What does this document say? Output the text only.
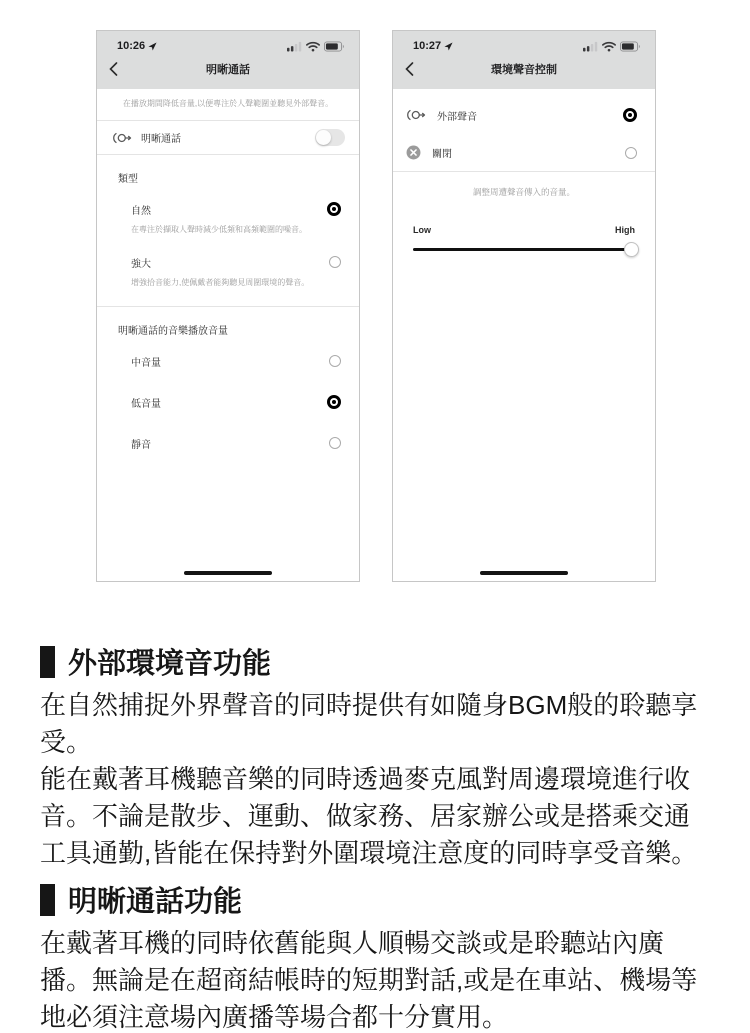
10:26
明晰通話
在播放期間降低音量,以便專注於人聲範圍並聽見外部聲音。
明晰通話
類型
自然
在專注於擷取人聲時減少低頻和高頻範圍的噪音。
強大
增強拾音能力,使佩戴者能夠聽見周圍環境的聲音。
明晰通話的音樂播放音量
中音量
低音量
靜音
10:27
環境聲音控制
外部聲音
關閉
調整周遭聲音傳入的音量。
Low	High
外部環境音功能

在自然捕捉外界聲音的同時提供有如隨身BGM般的聆聽享受。

能在戴著耳機聽音樂的同時透過麥克風對周邊環境進行收音。不論是散步、運動、做家務、居家辦公或是搭乘交通工具通勤,皆能在保持對外圍環境注意度的同時享受音樂。

明晰通話功能

在戴著耳機的同時依舊能與人順暢交談或是聆聽站內廣播。無論是在超商結帳時的短期對話,或是在車站、機場等地必須注意場內廣播等場合都十分實用。
